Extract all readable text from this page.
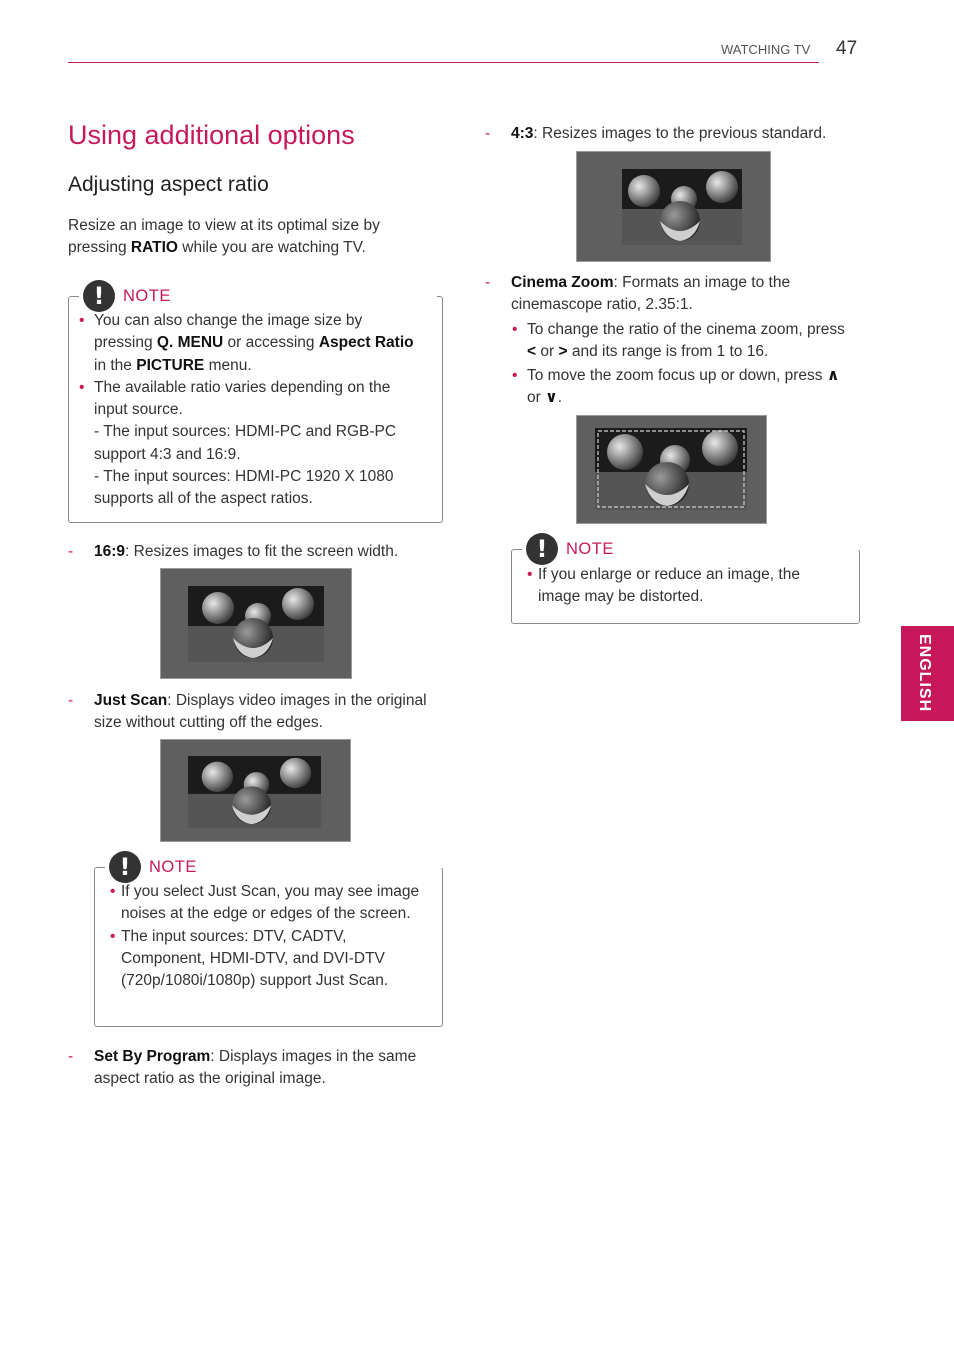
WATCHING TV 47
ENGLISH
Using additional options
Adjusting aspect ratio

Resize an image to view at its optimal size by pressing RATIO while you are watching TV.

!	NOTE
• You can also change the image size by pressing Q. MENU or accessing Aspect Ratio in the PICTURE menu.
• The available ratio varies depending on the input source.
- The input sources: HDMI-PC and RGB-PC support 4:3 and 16:9.
- The input sources: HDMI-PC 1920 X 1080 supports all of the aspect ratios.

- 16:9: Resizes images to fit the screen width.

- Just Scan: Displays video images in the original size without cutting off the edges.

!	NOTE
• If you select Just Scan, you may see image noises at the edge or edges of the screen.
• The input sources: DTV, CADTV, Component, HDMI-DTV, and DVI-DTV (720p/1080i/1080p) support Just Scan.

- Set By Program: Displays images in the same aspect ratio as the original image.

- 4:3: Resizes images to the previous standard.

- Cinema Zoom: Formats an image to the cinemascope ratio, 2.35:1.

• To change the ratio of the cinema zoom, press < or > and its range is from 1 to 16.

• To move the zoom focus up or down, press ∧ or ∨.

!	NOTE
• If you enlarge or reduce an image, the image may be distorted.
